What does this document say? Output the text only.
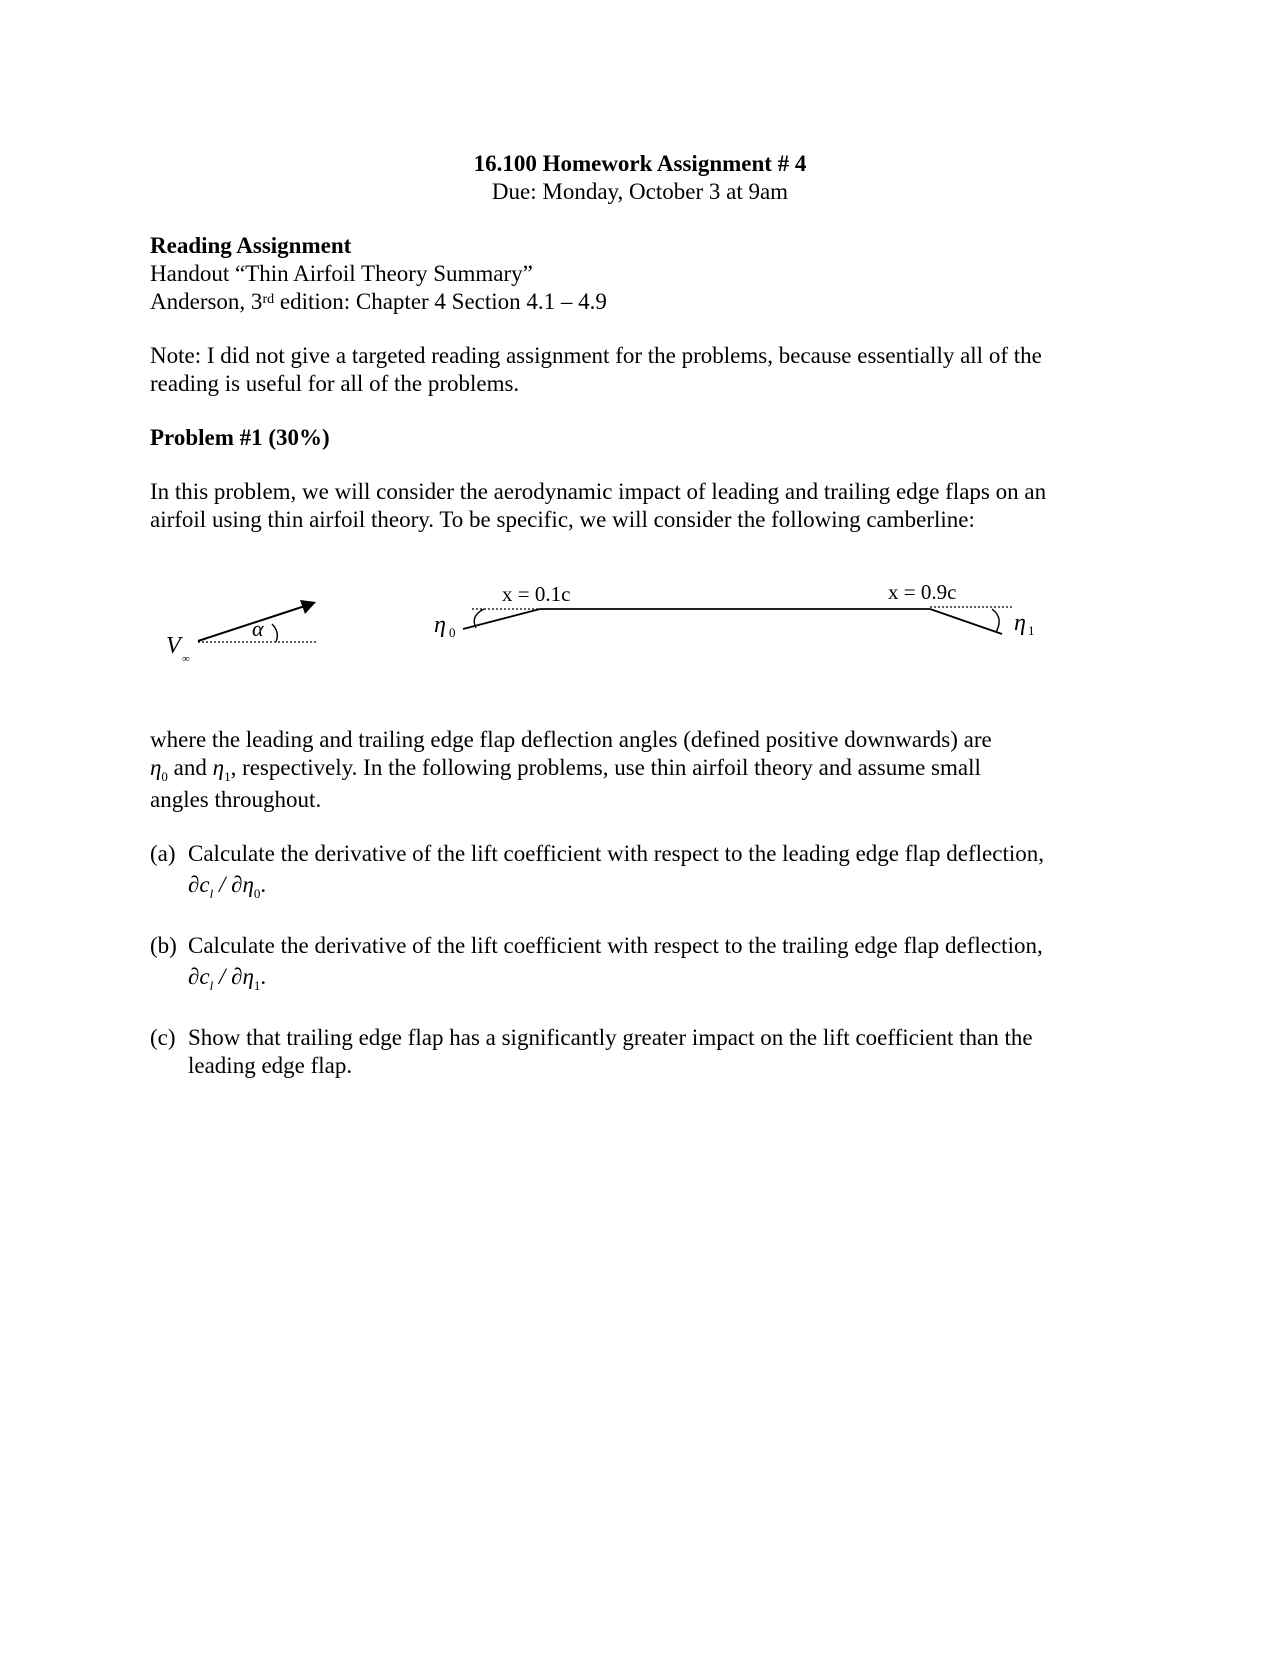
16.100 Homework Assignment # 4
Due: Monday, October 3 at 9am
Reading Assignment
Handout “Thin Airfoil Theory Summary”
Anderson, 3rd edition: Chapter 4 Section 4.1 – 4.9
Note: I did not give a targeted reading assignment for the problems, because essentially all of the
reading is useful for all of the problems.
Problem #1 (30%)
In this problem, we will consider the aerodynamic impact of leading and trailing edge flaps on an
airfoil using thin airfoil theory. To be specific, we will consider the following camberline:
α
V ∞
x = 0.1c	x = 0.9c
η 0	η 1
where the leading and trailing edge flap deflection angles (defined positive downwards) are
$\eta_0$ and $\eta_1$, respectively. In the following problems, use thin airfoil theory and assume small
angles throughout.
(a) Calculate the derivative of the lift coefficient with respect to the leading edge flap deflection,
$\partial c_l / \partial\eta_0$.
(b) Calculate the derivative of the lift coefficient with respect to the trailing edge flap deflection,
$\partial c_l / \partial\eta_1$.
(c) Show that trailing edge flap has a significantly greater impact on the lift coefficient than the
leading edge flap.
